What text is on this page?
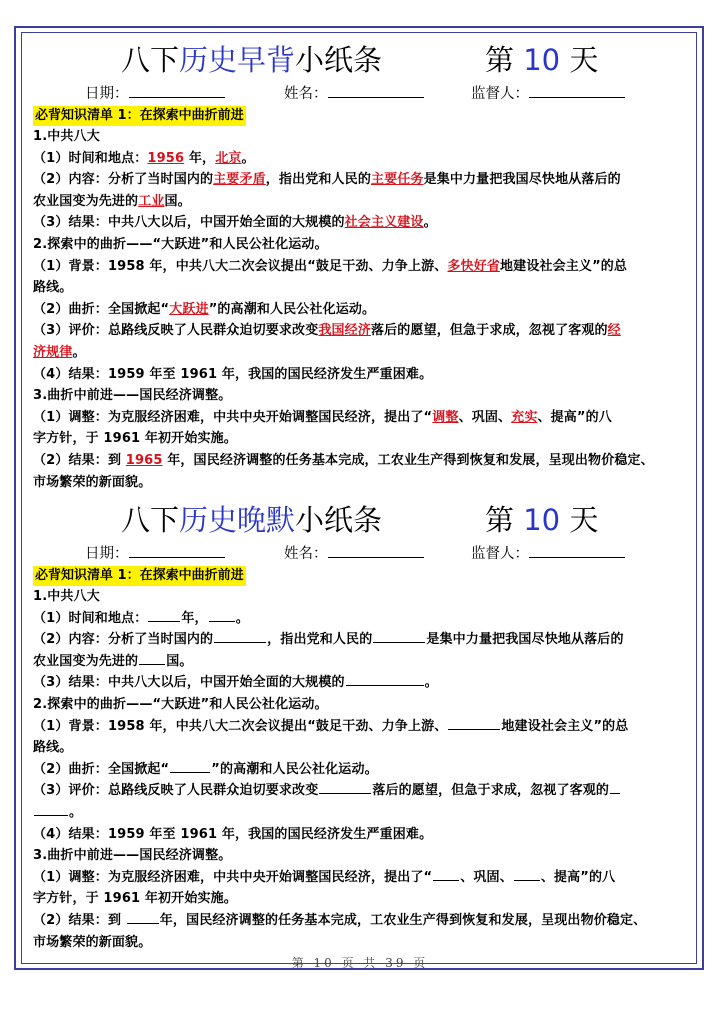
八下历史早背小纸条	第 10 天
日期：	姓名：	监督人：
必背知识清单 1：在探索中曲折前进
1.中共八大
（1）时间和地点：1956 年，北京。
（2）内容：分析了当时国内的主要矛盾，指出党和人民的主要任务是集中力量把我国尽快地从落后的
农业国变为先进的工业国。
（3）结果：中共八大以后，中国开始全面的大规模的社会主义建设。
2.探索中的曲折——“大跃进”和人民公社化运动。
（1）背景：1958 年，中共八大二次会议提出“鼓足干劲、力争上游、多快好省地建设社会主义”的总
路线。
（2）曲折：全国掀起“大跃进”的高潮和人民公社化运动。
（3）评价：总路线反映了人民群众迫切要求改变我国经济落后的愿望，但急于求成，忽视了客观的经
济规律。
（4）结果：1959 年至 1961 年，我国的国民经济发生严重困难。
3.曲折中前进——国民经济调整。
（1）调整：为克服经济困难，中共中央开始调整国民经济，提出了“调整、巩固、充实、提高”的八
字方针，于 1961 年初开始实施。
（2）结果：到 1965 年，国民经济调整的任务基本完成，工农业生产得到恢复和发展，呈现出物价稳定、
市场繁荣的新面貌。
八下历史晚默小纸条	第 10 天
日期：	姓名：	监督人：
必背知识清单 1：在探索中曲折前进
1.中共八大
（1）时间和地点：	年， 。
（2）内容：分析了当时国内的	，指出党和人民的	是集中力量把我国尽快地从落后的
农业国变为先进的 国。
（3）结果：中共八大以后，中国开始全面的大规模的	。
2.探索中的曲折——“大跃进”和人民公社化运动。
（1）背景：1958 年，中共八大二次会议提出“鼓足干劲、力争上游、	地建设社会主义”的总
路线。
（2）曲折：全国掀起“	”的高潮和人民公社化运动。
（3）评价：总路线反映了人民群众迫切要求改变	落后的愿望，但急于求成，忽视了客观的
。
（4）结果：1959 年至 1961 年，我国的国民经济发生严重困难。
3.曲折中前进——国民经济调整。
（1）调整：为克服经济困难，中共中央开始调整国民经济，提出了“ 、巩固、 、提高”的八
字方针，于 1961 年初开始实施。
（2）结果：到	年，国民经济调整的任务基本完成，工农业生产得到恢复和发展，呈现出物价稳定、
市场繁荣的新面貌。
第 10 页 共 39 页
